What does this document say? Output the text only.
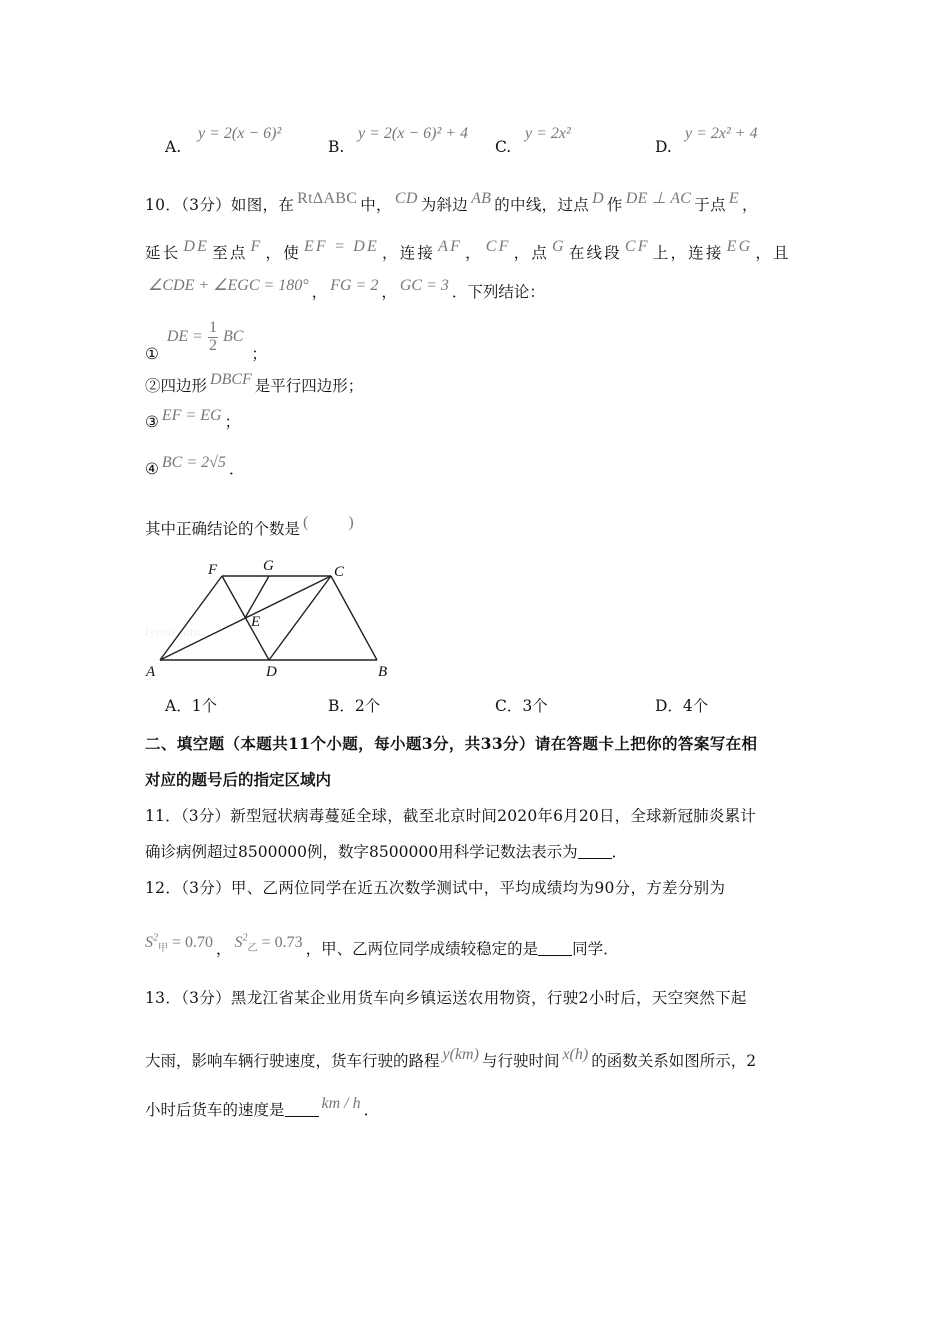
A.
y = 2(x − 6)²
B.
y = 2(x − 6)² + 4
C.
y = 2x²
D.
y = 2x² + 4
10．（3分）如图，在 RtΔABC 中， CD 为斜边 AB 的中线，过点 D 作 DE ⊥ AC 于点 E ，
延长 DE 至点 F ，使 EF = DE ，连接 AF ， CF ，点 G 在线段 CF 上，连接 EG ，且
∠CDE + ∠EGC = 180° ， FG = 2 ， GC = 3 ．下列结论：
① DE = $\frac{1}{2}$ BC ；
②四边形 DBCF 是平行四边形；
③ EF = EG ；
④ BC = 2√5 ．
其中正确结论的个数是 (          )
Jyeoo.com
F	G	C
E
A	D	B
A．1个	B．2个	C．3个	D．4个
二、填空题（本题共11个小题，每小题3分，共33分）请在答题卡上把你的答案写在相
对应的题号后的指定区域内
11．（3分）新型冠状病毒蔓延全球，截至北京时间2020年6月20日，全球新冠肺炎累计
确诊病例超过8500000例，数字8500000用科学记数法表示为 ．
12．（3分）甲、乙两位同学在近五次数学测试中，平均成绩均为90分，方差分别为
$S^2_甲 = 0.70$ ， $S^2_乙 = 0.73$ ，甲、乙两位同学成绩较稳定的是 同学．
13．（3分）黑龙江省某企业用货车向乡镇运送农用物资，行驶2小时后，天空突然下起
大雨，影响车辆行驶速度，货车行驶的路程 y(km) 与行驶时间 x(h) 的函数关系如图所示，2
小时后货车的速度是 km / h ．
